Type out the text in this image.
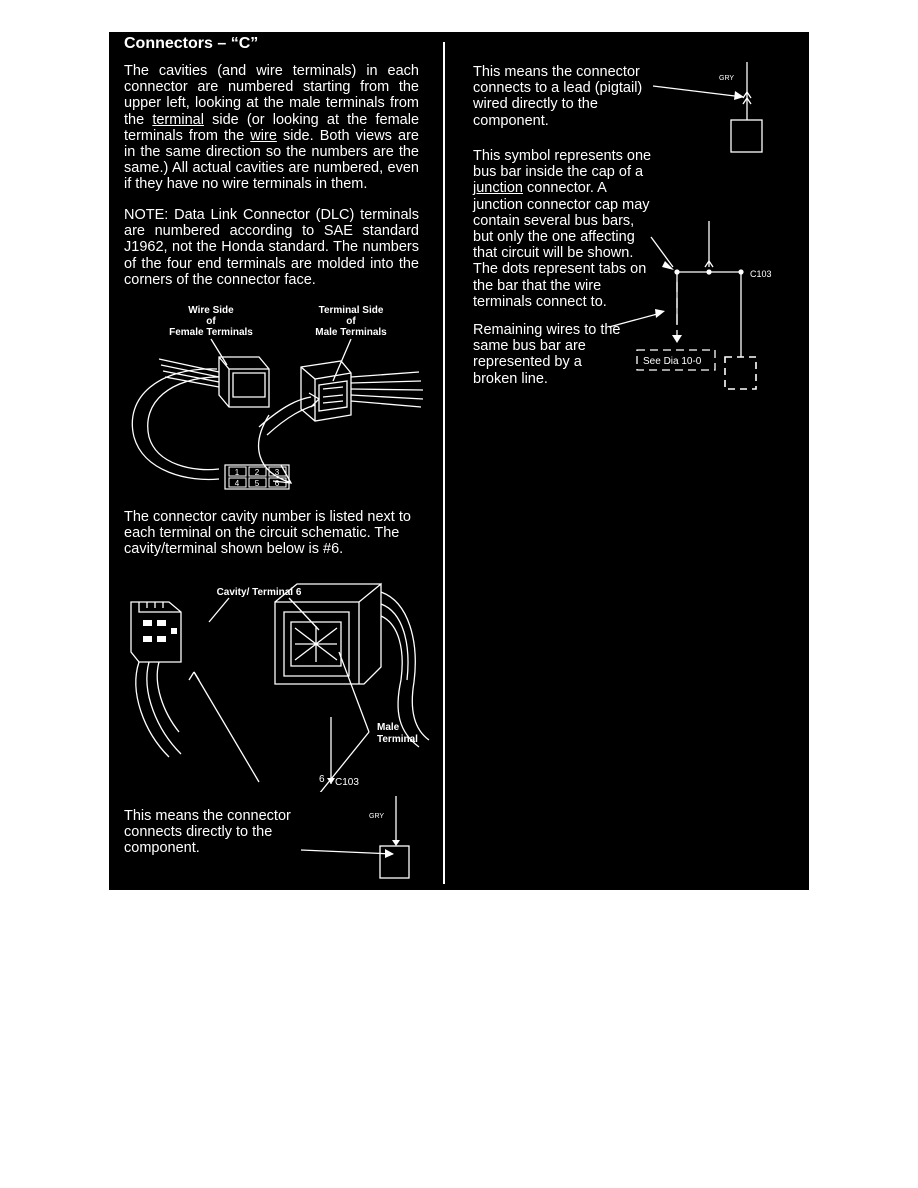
Connectors – “C”
The cavities (and wire terminals) in each connector are numbered starting from the upper left, looking at the male terminals from the terminal side (or looking at the female terminals from the wire side. Both views are in the same direction so the numbers are the same.) All actual cavities are numbered, even if they have no wire terminals in them.
NOTE: Data Link Connector (DLC) terminals are numbered according to SAE standard J1962, not the Honda standard. The numbers of the four end terminals are molded into the corners of the connector face.
Wire Side
of
Female Terminals
Terminal Side
of
Male Terminals
1 2 3
4 5 6
The connector cavity number is listed next to each terminal on the circuit schematic. The cavity/terminal shown below is #6.
Cavity/ Terminal 6
Male
Terminal
6 C103
This means the connector connects directly to the component.
GRY
This means the connector connects to a lead (pigtail) wired directly to the component.
GRY
This symbol represents one bus bar inside the cap of a junction connector. A junction connector cap may contain several bus bars, but only the one affecting that circuit will be shown. The dots represent tabs on the bar that the wire terminals connect to.
C103
See Dia 10-0
Remaining wires to the same bus bar are represented by a broken line.
